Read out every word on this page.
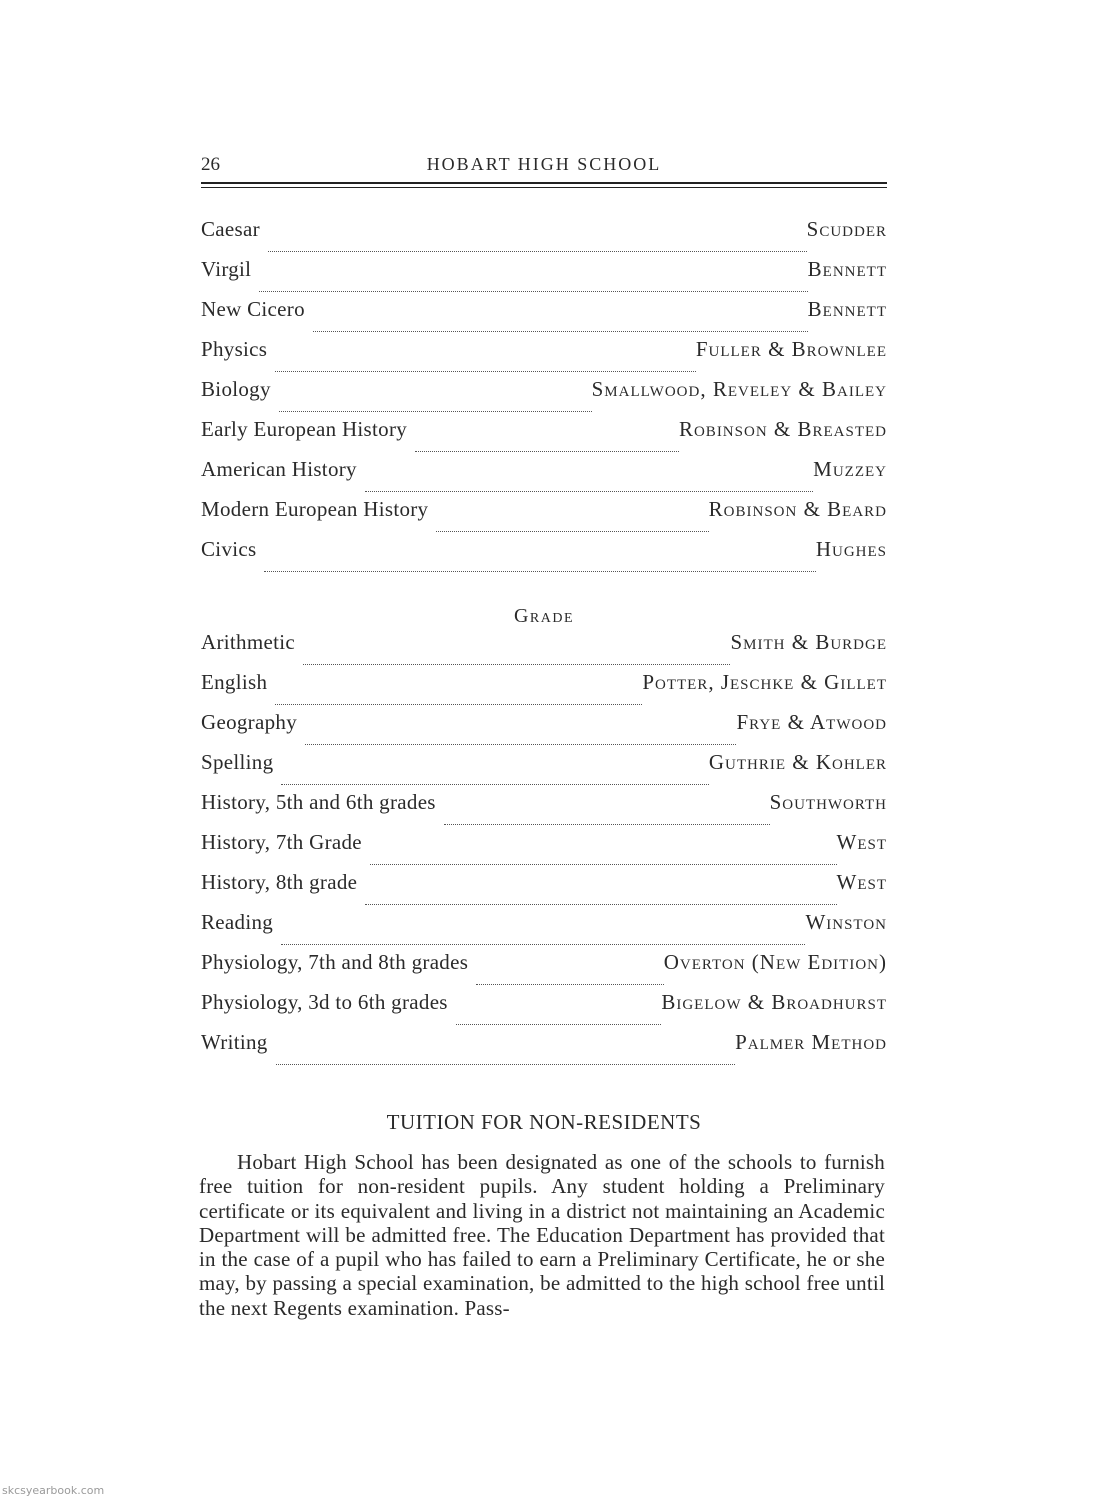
26	HOBART HIGH SCHOOL
Caesar	Scudder
Virgil	Bennett
New Cicero	Bennett
Physics	Fuller & Brownlee
Biology	Smallwood, Reveley & Bailey
Early European History	Robinson & Breasted
American History	Muzzey
Modern European History	Robinson & Beard
Civics	Hughes
Grade
Arithmetic	Smith & Burdge
English	Potter, Jeschke & Gillet
Geography	Frye & Atwood
Spelling	Guthrie & Kohler
History, 5th and 6th grades	Southworth
History, 7th Grade	West
History, 8th grade	West
Reading	Winston
Physiology, 7th and 8th grades	Overton (New Edition)
Physiology, 3d to 6th grades	Bigelow & Broadhurst
Writing	Palmer Method
TUITION FOR NON-RESIDENTS
Hobart High School has been designated as one of the schools to furnish free tuition for non-resident pupils. Any student holding a Preliminary certificate or its equivalent and living in a district not maintaining an Academic Department will be admitted free. The Education Department has provided that in the case of a pupil who has failed to earn a Preliminary Certificate, he or she may, by passing a special examination, be admitted to the high school free until the next Regents examination. Pass-
skcsyearbook.com
